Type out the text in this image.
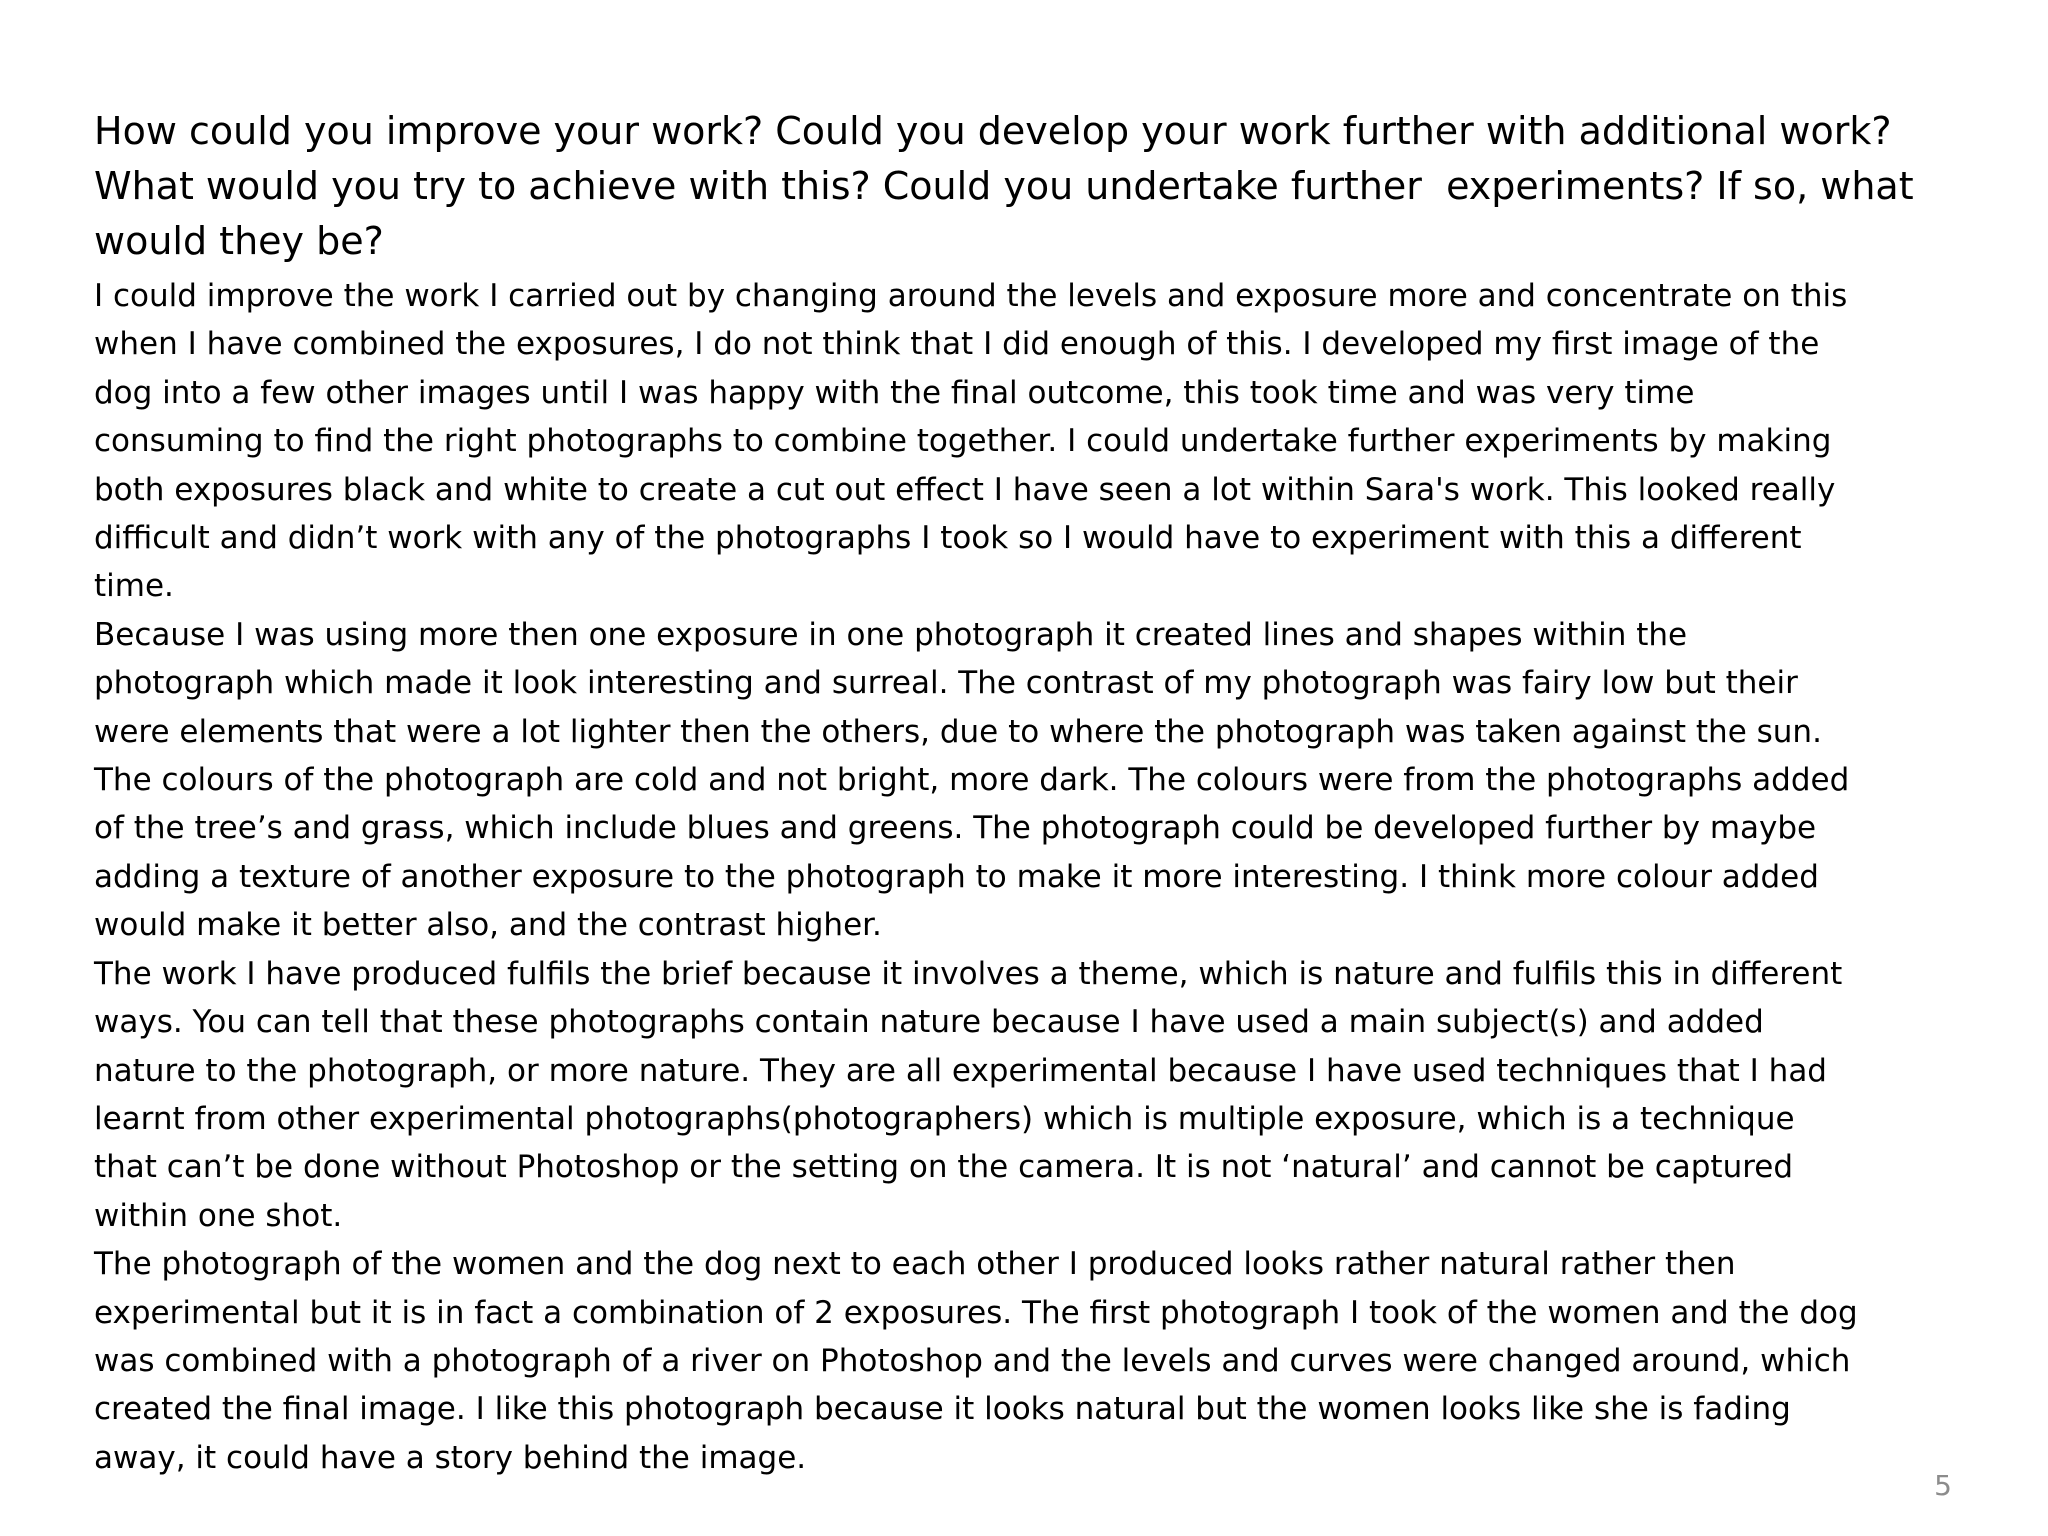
How could you improve your work? Could you develop your work further with additional work?
What would you try to achieve with this? Could you undertake further  experiments? If so, what
would they be?

I could improve the work I carried out by changing around the levels and exposure more and concentrate on this
when I have combined the exposures, I do not think that I did enough of this. I developed my first image of the
dog into a few other images until I was happy with the final outcome, this took time and was very time
consuming to find the right photographs to combine together. I could undertake further experiments by making
both exposures black and white to create a cut out effect I have seen a lot within Sara's work. This looked really
difficult and didn’t work with any of the photographs I took so I would have to experiment with this a different
time.

Because I was using more then one exposure in one photograph it created lines and shapes within the
photograph which made it look interesting and surreal. The contrast of my photograph was fairy low but their
were elements that were a lot lighter then the others, due to where the photograph was taken against the sun.
The colours of the photograph are cold and not bright, more dark. The colours were from the photographs added
of the tree’s and grass, which include blues and greens. The photograph could be developed further by maybe
adding a texture of another exposure to the photograph to make it more interesting. I think more colour added
would make it better also, and the contrast higher.

The work I have produced fulfils the brief because it involves a theme, which is nature and fulfils this in different
ways. You can tell that these photographs contain nature because I have used a main subject(s) and added
nature to the photograph, or more nature. They are all experimental because I have used techniques that I had
learnt from other experimental photographs(photographers) which is multiple exposure, which is a technique
that can’t be done without Photoshop or the setting on the camera. It is not ‘natural’ and cannot be captured
within one shot.

The photograph of the women and the dog next to each other I produced looks rather natural rather then
experimental but it is in fact a combination of 2 exposures. The first photograph I took of the women and the dog
was combined with a photograph of a river on Photoshop and the levels and curves were changed around, which
created the final image. I like this photograph because it looks natural but the women looks like she is fading
away, it could have a story behind the image.

5
